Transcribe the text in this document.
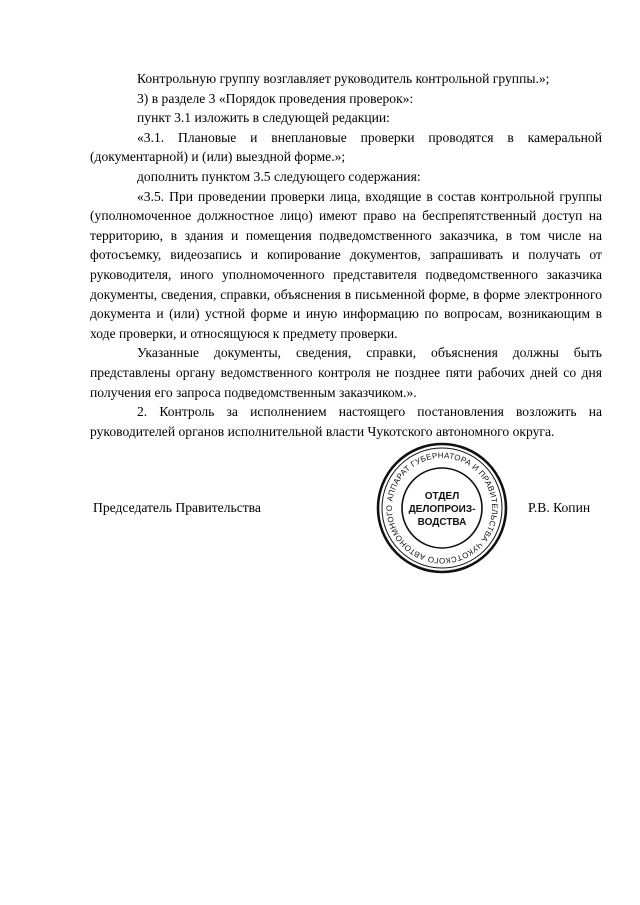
Контрольную группу возглавляет руководитель контрольной группы.»;

3) в разделе 3 «Порядок проведения проверок»:

пункт 3.1 изложить в следующей редакции:

«3.1. Плановые и внеплановые проверки проводятся в камеральной (документарной) и (или) выездной форме.»;

дополнить пунктом 3.5 следующего содержания:

«3.5. При проведении проверки лица, входящие в состав контрольной группы (уполномоченное должностное лицо) имеют право на беспрепятственный доступ на территорию, в здания и помещения подведомственного заказчика, в том числе на фотосъемку, видеозапись и копирование документов, запрашивать и получать от руководителя, иного уполномоченного представителя подведомственного заказчика документы, сведения, справки, объяснения в письменной форме, в форме электронного документа и (или) устной форме и иную информацию по вопросам, возникающим в ходе проверки, и относящуюся к предмету проверки.

Указанные документы, сведения, справки, объяснения должны быть представлены органу ведомственного контроля не позднее пяти рабочих дней со дня получения его запроса подведомственным заказчиком.».

2. Контроль за исполнением настоящего постановления возложить на руководителей органов исполнительной власти Чукотского автономного округа.

Председатель Правительства	Р.В. Копин
АППАРАТ ГУБЕРНАТОРА И ПРАВИТЕЛЬСТВА ЧУКОТСКОГО АВТОНОМНОГО
ОТДЕЛ
ДЕЛОПРОИЗ-
ВОДСТВА
